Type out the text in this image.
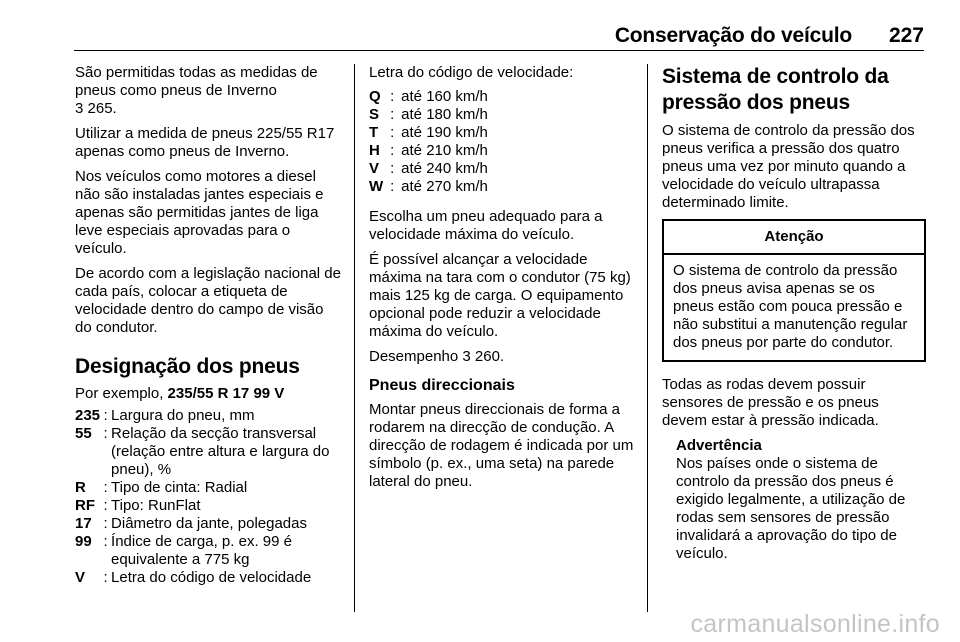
Conservação do veículo 227

São permitidas todas as medidas de pneus como pneus de Inverno
3 265.

Utilizar a medida de pneus 225/55 R17 apenas como pneus de Inverno.

Nos veículos como motores a diesel não são instaladas jantes especiais e apenas são permitidas jantes de liga leve especiais aprovadas para o veículo.

De acordo com a legislação nacional de cada país, colocar a etiqueta de velocidade dentro do campo de visão do condutor.

Designação dos pneus

Por exemplo, 235/55 R 17 99 V

235	:	Largura do pneu, mm
55	:	Relação da secção transversal (relação entre altura e largura do pneu), %
R	:	Tipo de cinta: Radial
RF	:	Tipo: RunFlat
17	:	Diâmetro da jante, polegadas
99	:	Índice de carga, p. ex. 99 é equivalente a 775 kg
V	:	Letra do código de velocidade

Letra do código de velocidade:

Q	:	até 160 km/h
S	:	até 180 km/h
T	:	até 190 km/h
H	:	até 210 km/h
V	:	até 240 km/h
W	:	até 270 km/h

Escolha um pneu adequado para a velocidade máxima do veículo.

É possível alcançar a velocidade máxima na tara com o condutor (75 kg) mais 125 kg de carga. O equipamento opcional pode reduzir a velocidade máxima do veículo.

Desempenho 3 260.

Pneus direccionais

Montar pneus direccionais de forma a rodarem na direcção de condução. A direcção de rodagem é indicada por um símbolo (p. ex., uma seta) na parede lateral do pneu.

Sistema de controlo da pressão dos pneus

O sistema de controlo da pressão dos pneus verifica a pressão dos quatro pneus uma vez por minuto quando a velocidade do veículo ultrapassa determinado limite.

Atenção
O sistema de controlo da pressão dos pneus avisa apenas se os pneus estão com pouca pressão e não substitui a manutenção regular dos pneus por parte do condutor.

Todas as rodas devem possuir sensores de pressão e os pneus devem estar à pressão indicada.

Advertência
Nos países onde o sistema de controlo da pressão dos pneus é exigido legalmente, a utilização de rodas sem sensores de pressão invalidará a aprovação do tipo de veículo.
carmanualsonline.info
